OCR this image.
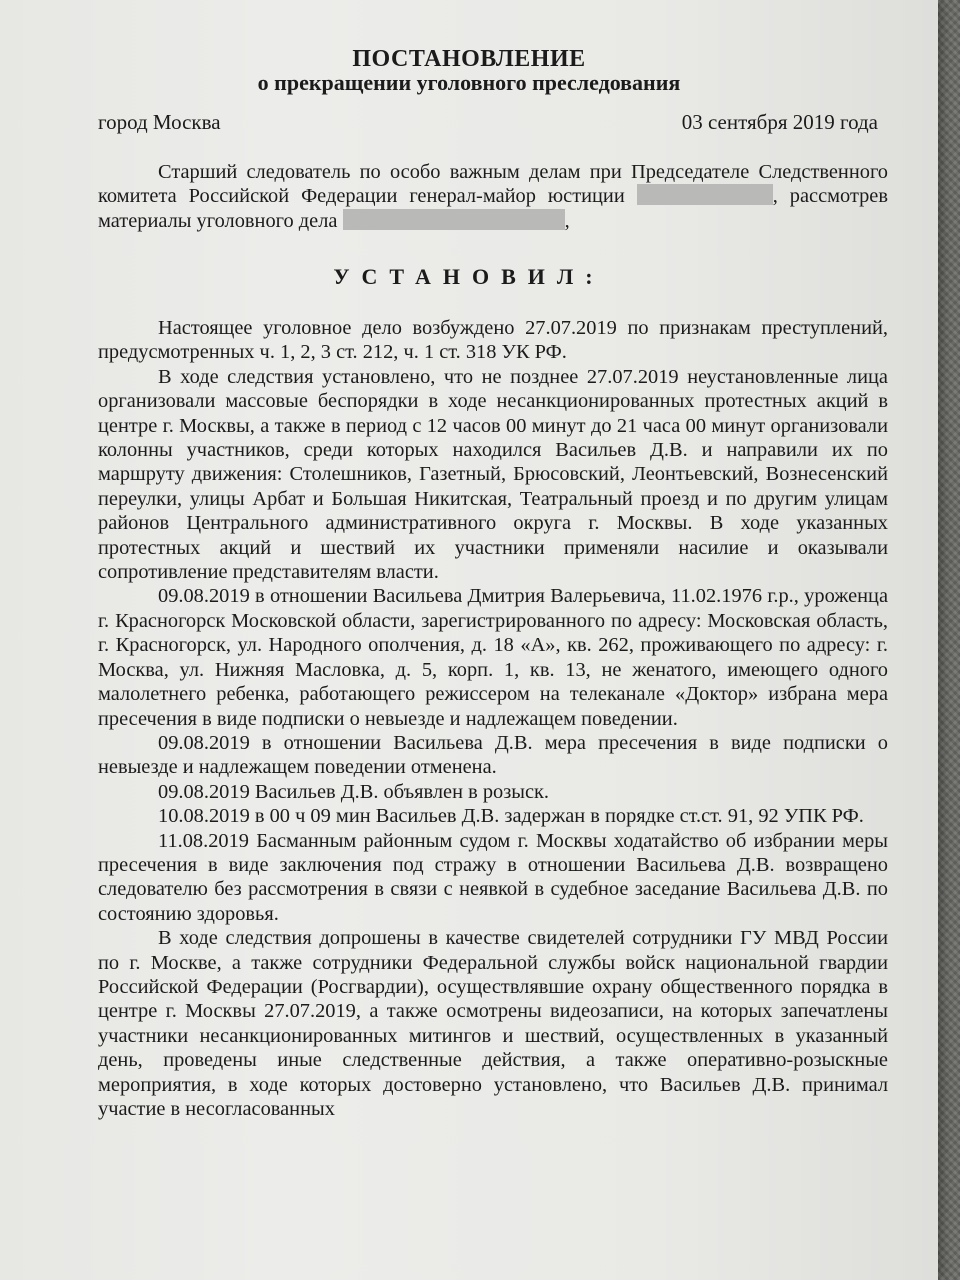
ПОСТАНОВЛЕНИЕ
о прекращении уголовного преследования
город Москва	03 сентября 2019 года

Старший следователь по особо важным делам при Председателе Следственного комитета Российской Федерации генерал-майор юстиции	, рассмотрев материалы уголовного дела	,

УСТАНОВИЛ:

Настоящее уголовное дело возбуждено 27.07.2019 по признакам преступлений, предусмотренных ч. 1, 2, 3 ст. 212, ч. 1 ст. 318 УК РФ.

В ходе следствия установлено, что не позднее 27.07.2019 неустановленные лица организовали массовые беспорядки в ходе несанкционированных протестных акций в центре г. Москвы, а также в период с 12 часов 00 минут до 21 часа 00 минут организовали колонны участников, среди которых находился Васильев Д.В. и направили их по маршруту движения: Столешников, Газетный, Брюсовский, Леонтьевский, Вознесенский переулки, улицы Арбат и Большая Никитская, Театральный проезд и по другим улицам районов Центрального административного округа г. Москвы. В ходе указанных протестных акций и шествий их участники применяли насилие и оказывали сопротивление представителям власти.

09.08.2019 в отношении Васильева Дмитрия Валерьевича, 11.02.1976 г.р., уроженца г. Красногорск Московской области, зарегистрированного по адресу: Московская область, г. Красногорск, ул. Народного ополчения, д. 18 «А», кв. 262, проживающего по адресу: г. Москва, ул. Нижняя Масловка, д. 5, корп. 1, кв. 13, не женатого, имеющего одного малолетнего ребенка, работающего режиссером на телеканале «Доктор» избрана мера пресечения в виде подписки о невыезде и надлежащем поведении.

09.08.2019 в отношении Васильева Д.В. мера пресечения в виде подписки о невыезде и надлежащем поведении отменена.

09.08.2019 Васильев Д.В. объявлен в розыск.

10.08.2019 в 00 ч 09 мин Васильев Д.В. задержан в порядке ст.ст. 91, 92 УПК РФ.

11.08.2019 Басманным районным судом г. Москвы ходатайство об избрании меры пресечения в виде заключения под стражу в отношении Васильева Д.В. возвращено следователю без рассмотрения в связи с неявкой в судебное заседание Васильева Д.В. по состоянию здоровья.

В ходе следствия допрошены в качестве свидетелей сотрудники ГУ МВД России по г. Москве, а также сотрудники Федеральной службы войск национальной гвардии Российской Федерации (Росгвардии), осуществлявшие охрану общественного порядка в центре г. Москвы 27.07.2019, а также осмотрены видеозаписи, на которых запечатлены участники несанкционированных митингов и шествий, осуществленных в указанный день, проведены иные следственные действия, а также оперативно-розыскные мероприятия, в ходе которых достоверно установлено, что Васильев Д.В. принимал участие в несогласованных
